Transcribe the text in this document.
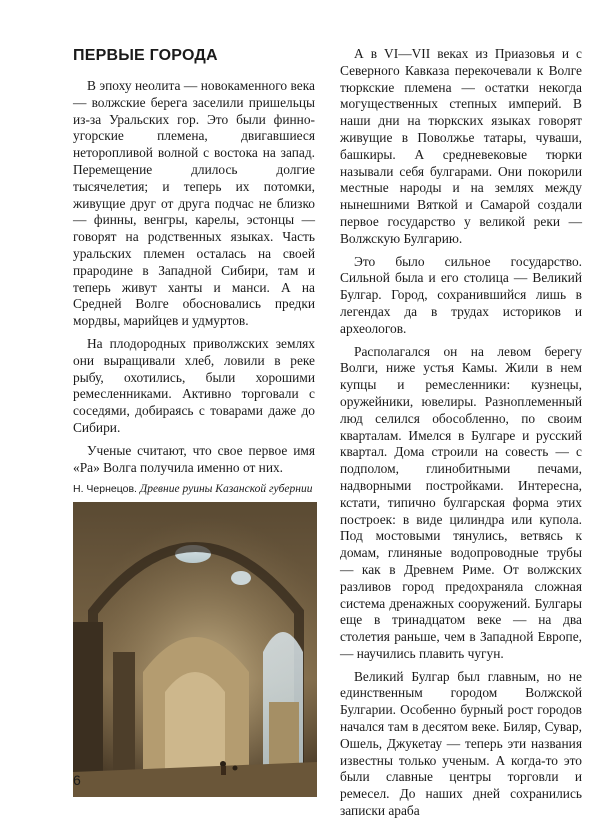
ПЕРВЫЕ ГОРОДА

В эпоху неолита — новокаменного века — волжские берега заселили пришельцы из-за Уральских гор. Это были финно-угорские племена, двигавшиеся неторопливой волной с востока на запад. Перемещение длилось долгие тысячелетия; и теперь их потомки, живущие друг от друга подчас не близко — финны, венгры, карелы, эстонцы — говорят на родственных языках. Часть уральских племен осталась на своей прародине в Западной Сибири, там и теперь живут ханты и манси. А на Средней Волге обосновались предки мордвы, марийцев и удмуртов.

На плодородных приволжских землях они выращивали хлеб, ловили в реке рыбу, охотились, были хорошими ремесленниками. Активно торговали с соседями, добираясь с товарами даже до Сибири.

Ученые считают, что свое первое имя «Ра» Волга получила именно от них.

Н. Чернецов. Древние руины Казанской губернии

А в VI—VII веках из Приазовья и с Северного Кавказа перекочевали к Волге тюркские племена — остатки некогда могущественных степных империй. В наши дни на тюркских языках говорят живущие в Поволжье татары, чуваши, башкиры. А средневековые тюрки называли себя булгарами. Они покорили местные народы и на землях между нынешними Вяткой и Самарой создали первое государство у великой реки — Волжскую Булгарию.

Это было сильное государство. Сильной была и его столица — Великий Булгар. Город, сохранившийся лишь в легендах да в трудах историков и археологов.

Располагался он на левом берегу Волги, ниже устья Камы. Жили в нем купцы и ремесленники: кузнецы, оружейники, ювелиры. Разноплеменный люд селился обособленно, по своим кварталам. Имелся в Булгаре и русский квартал. Дома строили на совесть — с подполом, глинобитными печами, надворными постройками. Интересна, кстати, типично булгарская форма этих построек: в виде цилиндра или купола. Под мостовыми тянулись, ветвясь к домам, глиняные водопроводные трубы — как в Древнем Риме. От волжских разливов город предохраняла сложная система дренажных сооружений. Булгары еще в тринадцатом веке — на два столетия раньше, чем в Западной Европе, — научились плавить чугун.

Великий Булгар был главным, но не единственным городом Волжской Булгарии. Особенно бурный рост городов начался там в десятом веке. Биляр, Сувар, Ошель, Джукетау — теперь эти названия известны только ученым. А когда-то это были славные центры торговли и ремесел. До наших дней сохранились записки араба

6
